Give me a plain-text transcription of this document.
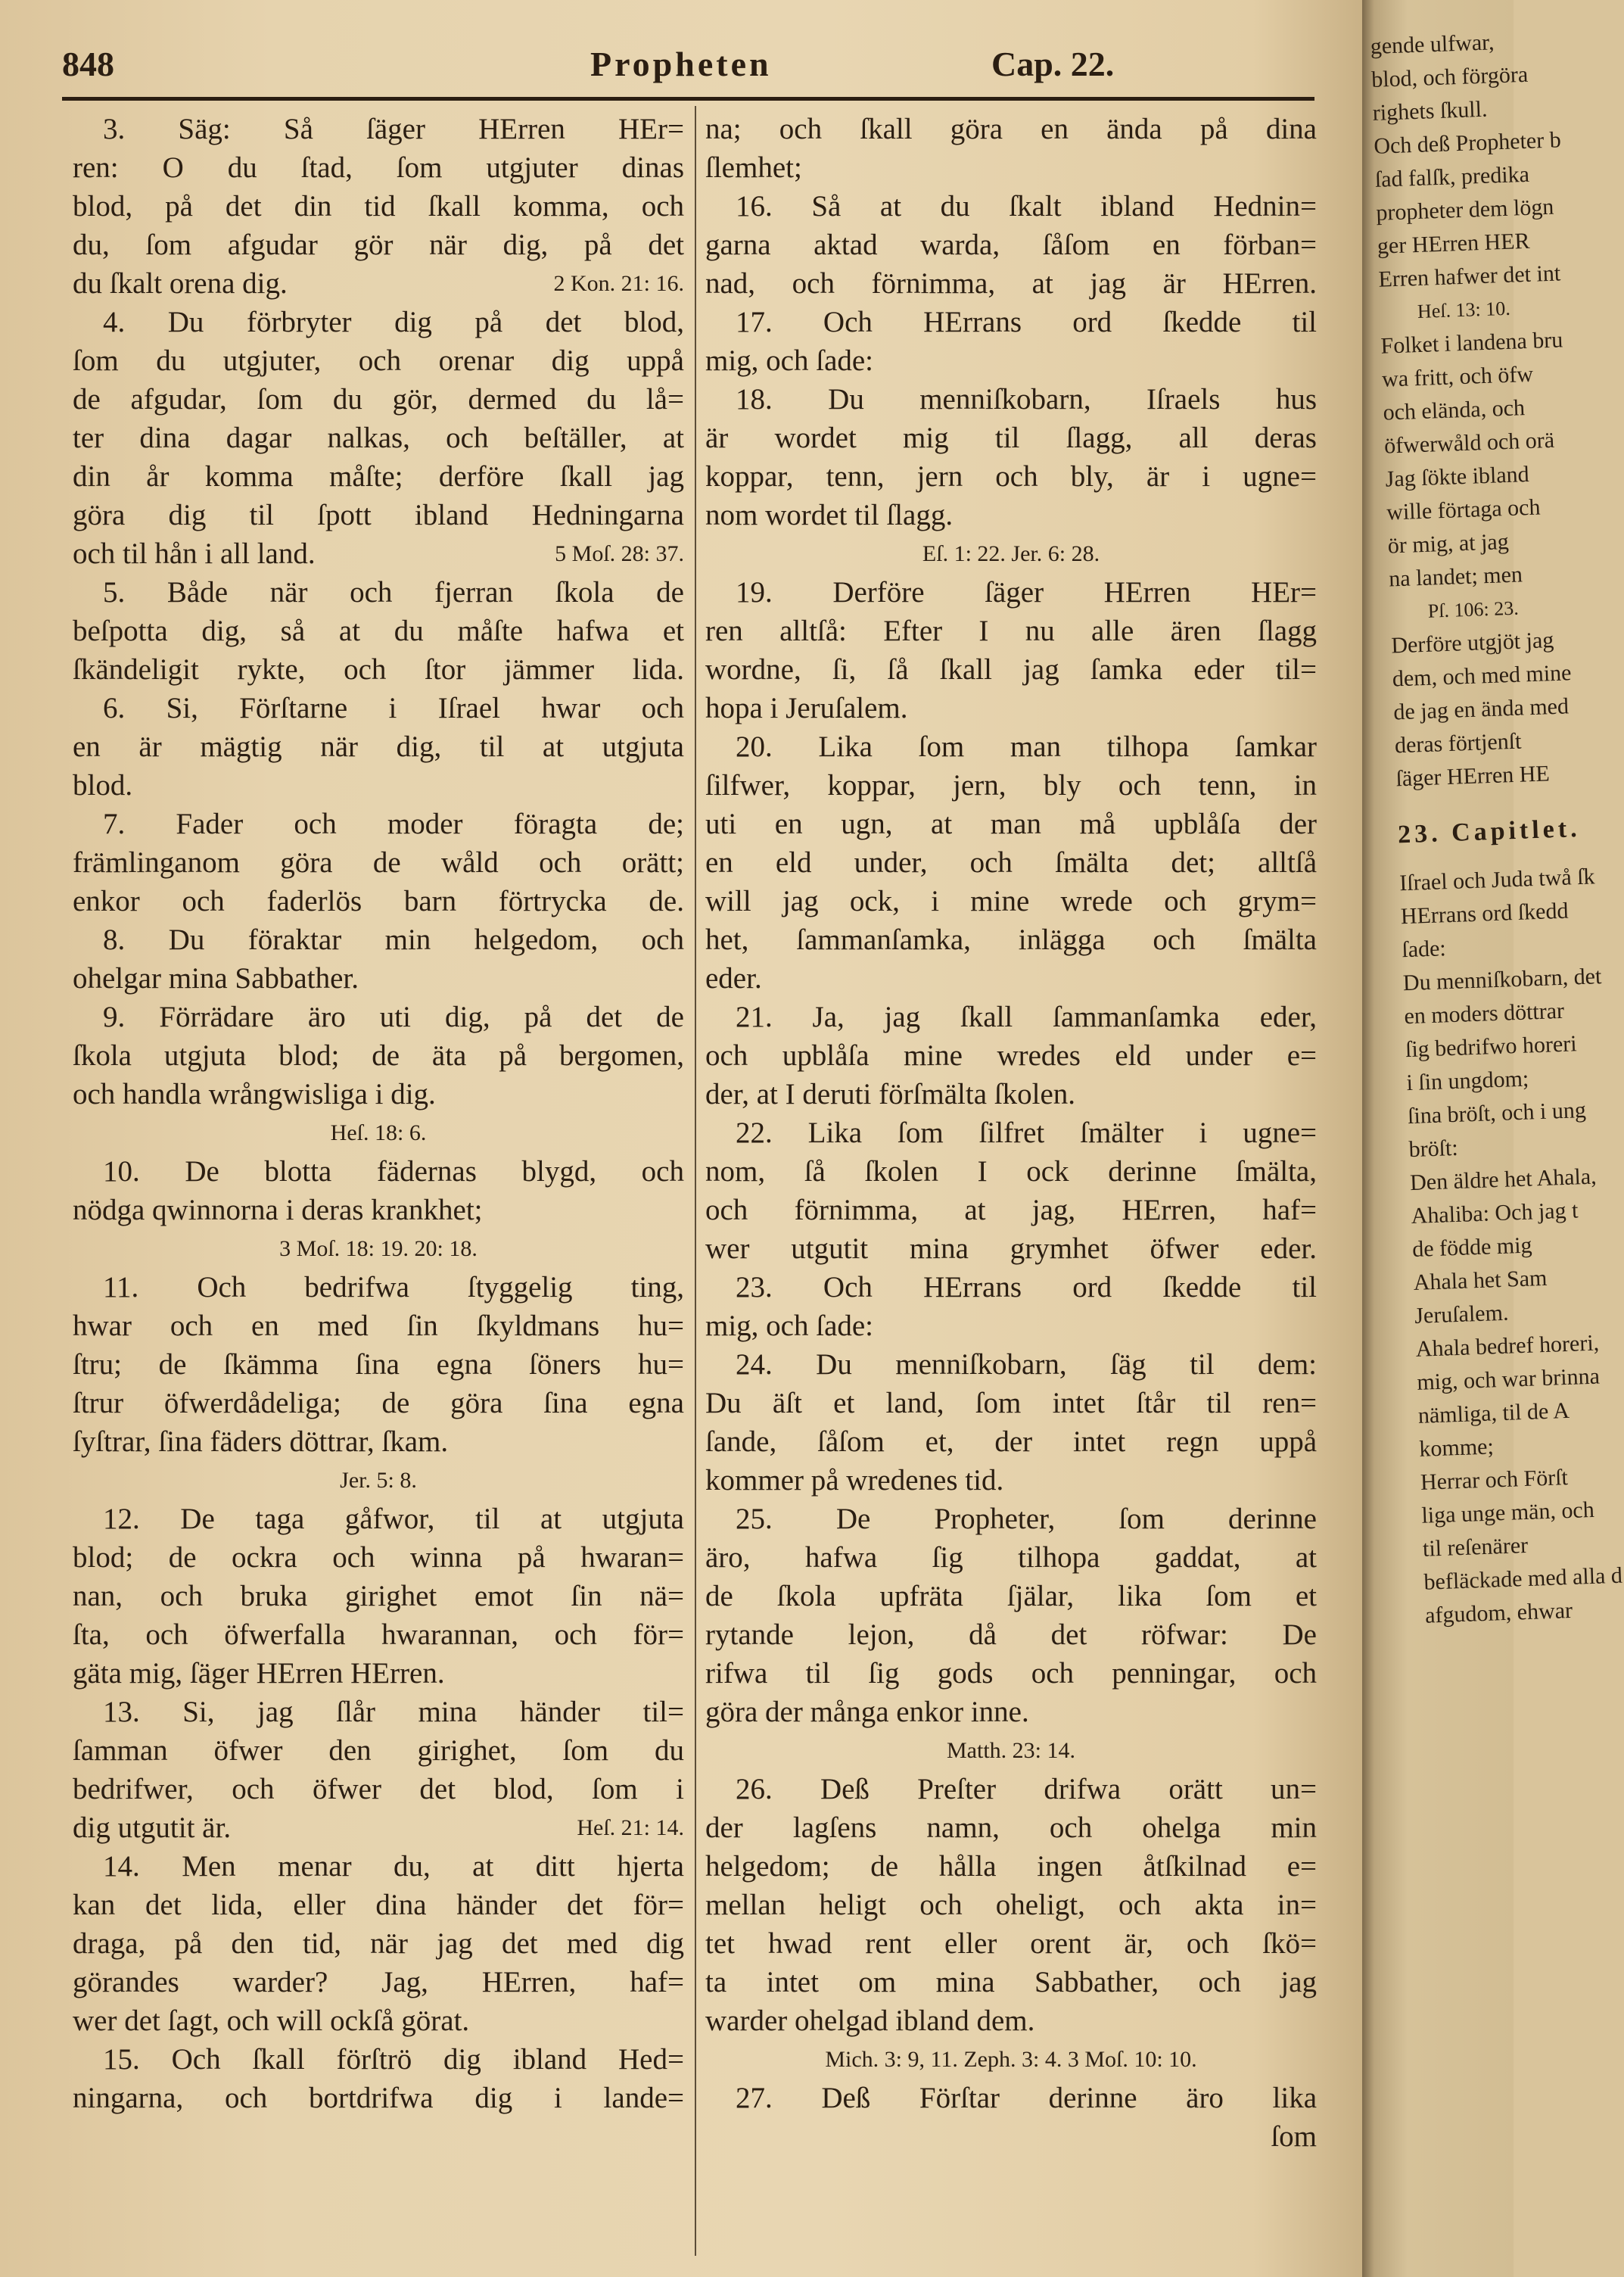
848	Propheten	Cap. 22.
3. Säg: Så ſäger HErren HEr=
ren: O du ſtad, ſom utgjuter dinas
blod, på det din tid ſkall komma, och
du, ſom afgudar gör när dig, på det
du ſkalt orena dig.	2 Kon. 21: 16.
4. Du förbryter dig på det blod,
ſom du utgjuter, och orenar dig uppå
de afgudar, ſom du gör, dermed du lå=
ter dina dagar nalkas, och beſtäller, at
din år komma måſte; derföre ſkall jag
göra dig til ſpott ibland Hedningarna
och til hån i all land.	5 Moſ. 28: 37.
5. Både när och fjerran ſkola de
beſpotta dig, så at du måſte hafwa et
ſkändeligit rykte, och ſtor jämmer lida.
6. Si, Förſtarne i Iſrael hwar och
en är mägtig när dig, til at utgjuta
blod.
7. Fader och moder föragta de;
främlinganom göra de wåld och orätt;
enkor och faderlös barn förtrycka de.
8. Du föraktar min helgedom, och
ohelgar mina Sabbather.
9. Förrädare äro uti dig, på det de
ſkola utgjuta blod; de äta på bergomen,
och handla wrångwisliga i dig.
Heſ. 18: 6.
10. De blotta fädernas blygd, och
nödga qwinnorna i deras krankhet;
3 Moſ. 18: 19. 20: 18.
11. Och bedrifwa ſtyggelig ting,
hwar och en med ſin ſkyldmans hu=
ſtru; de ſkämma ſina egna ſöners hu=
ſtrur öfwerdådeliga; de göra ſina egna
ſyſtrar, ſina fäders döttrar, ſkam.
Jer. 5: 8.
12. De taga gåfwor, til at utgjuta
blod; de ockra och winna på hwaran=
nan, och bruka girighet emot ſin nä=
ſta, och öfwerfalla hwarannan, och för=
gäta mig, ſäger HErren HErren.
13. Si, jag ſlår mina händer til=
ſamman öfwer den girighet, ſom du
bedrifwer, och öfwer det blod, ſom i
dig utgutit är.	Heſ. 21: 14.
14. Men menar du, at ditt hjerta
kan det lida, eller dina händer det för=
draga, på den tid, när jag det med dig
görandes warder? Jag, HErren, haf=
wer det ſagt, och will ockſå görat.
15. Och ſkall förſtrö dig ibland Hed=
ningarna, och bortdrifwa dig i lande=
na; och ſkall göra en ända på dina
ſlemhet;
16. Så at du ſkalt ibland Hednin=
garna aktad warda, ſåſom en förban=
nad, och förnimma, at jag är HErren.
17. Och HErrans ord ſkedde til
mig, och ſade:
18. Du menniſkobarn, Iſraels hus
är wordet mig til ſlagg, all deras
koppar, tenn, jern och bly, är i ugne=
nom wordet til ſlagg.
Eſ. 1: 22. Jer. 6: 28.
19. Derföre ſäger HErren HEr=
ren alltſå: Efter I nu alle ären ſlagg
wordne, ſi, ſå ſkall jag ſamka eder til=
hopa i Jeruſalem.
20. Lika ſom man tilhopa ſamkar
ſilfwer, koppar, jern, bly och tenn, in
uti en ugn, at man må upblåſa der
en eld under, och ſmälta det; alltſå
will jag ock, i mine wrede och grym=
het, ſammanſamka, inlägga och ſmälta
eder.
21. Ja, jag ſkall ſammanſamka eder,
och upblåſa mine wredes eld under e=
der, at I deruti förſmälta ſkolen.
22. Lika ſom ſilfret ſmälter i ugne=
nom, ſå ſkolen I ock derinne ſmälta,
och förnimma, at jag, HErren, haf=
wer utgutit mina grymhet öfwer eder.
23. Och HErrans ord ſkedde til
mig, och ſade:
24. Du menniſkobarn, ſäg til dem:
Du äſt et land, ſom intet ſtår til ren=
ſande, ſåſom et, der intet regn uppå
kommer på wredenes tid.
25. De Propheter, ſom derinne
äro, hafwa ſig tilhopa gaddat, at
de ſkola upfräta ſjälar, lika ſom et
rytande lejon, då det röfwar: De
rifwa til ſig gods och penningar, och
göra der många enkor inne.
Matth. 23: 14.
26. Deß Preſter drifwa orätt un=
der lagſens namn, och ohelga min
helgedom; de hålla ingen åtſkilnad e=
mellan heligt och oheligt, och akta in=
tet hwad rent eller orent är, och ſkö=
ta intet om mina Sabbather, och jag
warder ohelgad ibland dem.
Mich. 3: 9, 11. Zeph. 3: 4. 3 Moſ. 10: 10.
27. Deß Förſtar derinne äro lika
ſom
gende ulfwar,
blod, och förgöra
righets ſkull.
Och deß Propheter b
ſad falſk, predika
propheter dem lögn
ger HErren HER
Erren hafwer det int
Heſ. 13: 10.
Folket i landena bru
wa fritt, och öfw
och elända, och
öfwerwåld och orä
Jag ſökte ibland
wille förtaga och
ör mig, at jag
na landet; men
Pſ. 106: 23.
Derföre utgjöt jag
dem, och med mine
de jag en ända med
deras förtjenſt
ſäger HErren HE
23. Capitlet.
Iſrael och Juda twå ſk
HErrans ord ſkedd
ſade:
Du menniſkobarn, det
en moders döttrar
ſig bedrifwo horeri
i ſin ungdom;
ſina bröſt, och i ung
bröſt:
Den äldre het Ahala,
Ahaliba: Och jag t
de födde mig
Ahala het Sam
Jeruſalem.
Ahala bedref horeri,
mig, och war brinna
nämliga, til de A
komme;
Herrar och Förſt
liga unge män, och
til reſenärer
befläckade med alla d
afgudom, ehwar
